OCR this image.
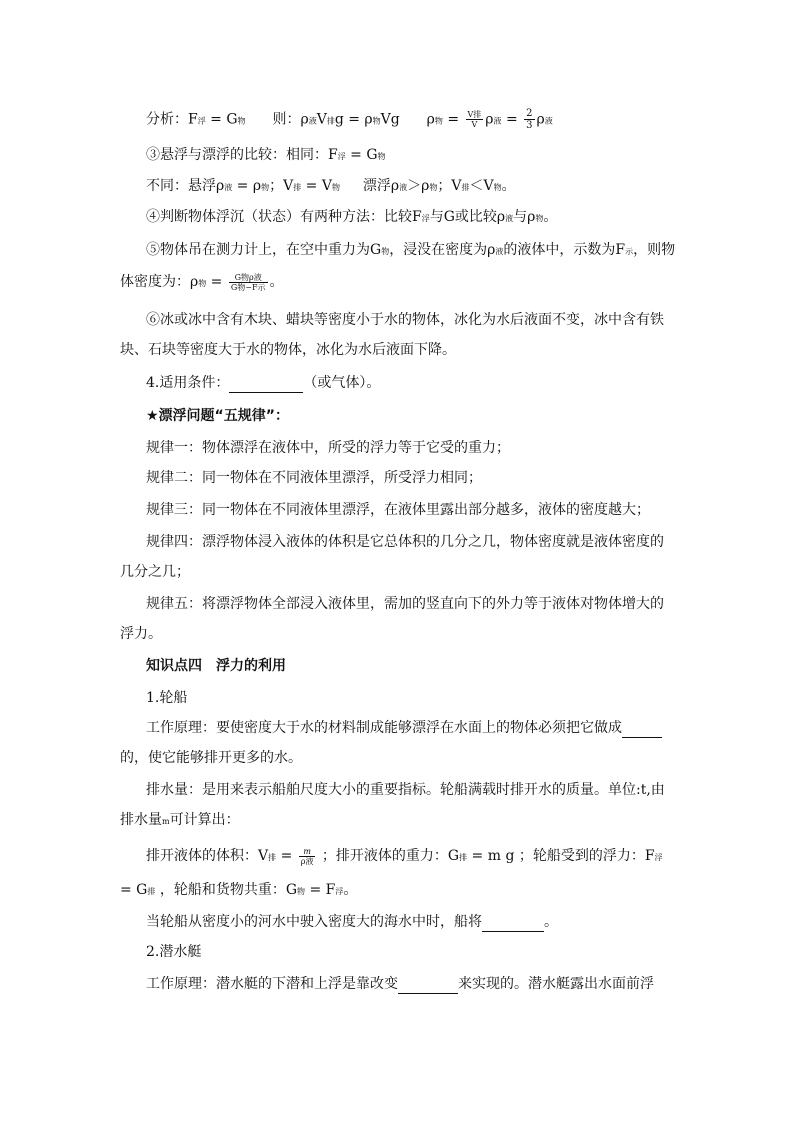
分析：F浮 = G物 则：ρ液V排g = ρ物Vg ρ物 = $\frac{\text{V排}}{V}$ ρ液 = $\frac{2}{3}$ ρ液
③悬浮与漂浮的比较：相同：F浮 = G物
不同：悬浮ρ液 = ρ物；V排 = V物 漂浮ρ液＞ρ物；V排＜V物。
④判断物体浮沉（状态）有两种方法：比较F浮与G或比较ρ液与ρ物。
⑤物体吊在测力计上，在空中重力为G物，浸没在密度为ρ液的液体中，示数为F示，则物
体密度为：ρ物 = $\frac{\text{G物ρ液}}{\text{G物−F示}}$ 。
⑥冰或冰中含有木块、蜡块等密度小于水的物体，冰化为水后液面不变，冰中含有铁
块、石块等密度大于水的物体，冰化为水后液面下降。
4.适用条件：	（或气体）。
★漂浮问题“五规律”：
规律一：物体漂浮在液体中，所受的浮力等于它受的重力；
规律二：同一物体在不同液体里漂浮，所受浮力相同；
规律三：同一物体在不同液体里漂浮，在液体里露出部分越多，液体的密度越大；
规律四：漂浮物体浸入液体的体积是它总体积的几分之几，物体密度就是液体密度的
几分之几；
规律五：将漂浮物体全部浸入液体里，需加的竖直向下的外力等于液体对物体增大的
浮力。
知识点四　浮力的利用
1.轮船
工作原理：要使密度大于水的材料制成能够漂浮在水面上的物体必须把它做成
的，使它能够排开更多的水。
排水量：是用来表示船舶尺度大小的重要指标。轮船满载时排开水的质量。单位:t,由
排水量m可计算出：
排开液体的体积：V排 = $\frac{m}{\text{ρ液}}$ ；排开液体的重力：G排 = m g ；轮船受到的浮力：F浮
= G排 ，轮船和货物共重：G物 = F浮。
当轮船从密度小的河水中驶入密度大的海水中时，船将	。
2.潜水艇
工作原理：潜水艇的下潜和上浮是靠改变	来实现的。潜水艇露出水面前浮
